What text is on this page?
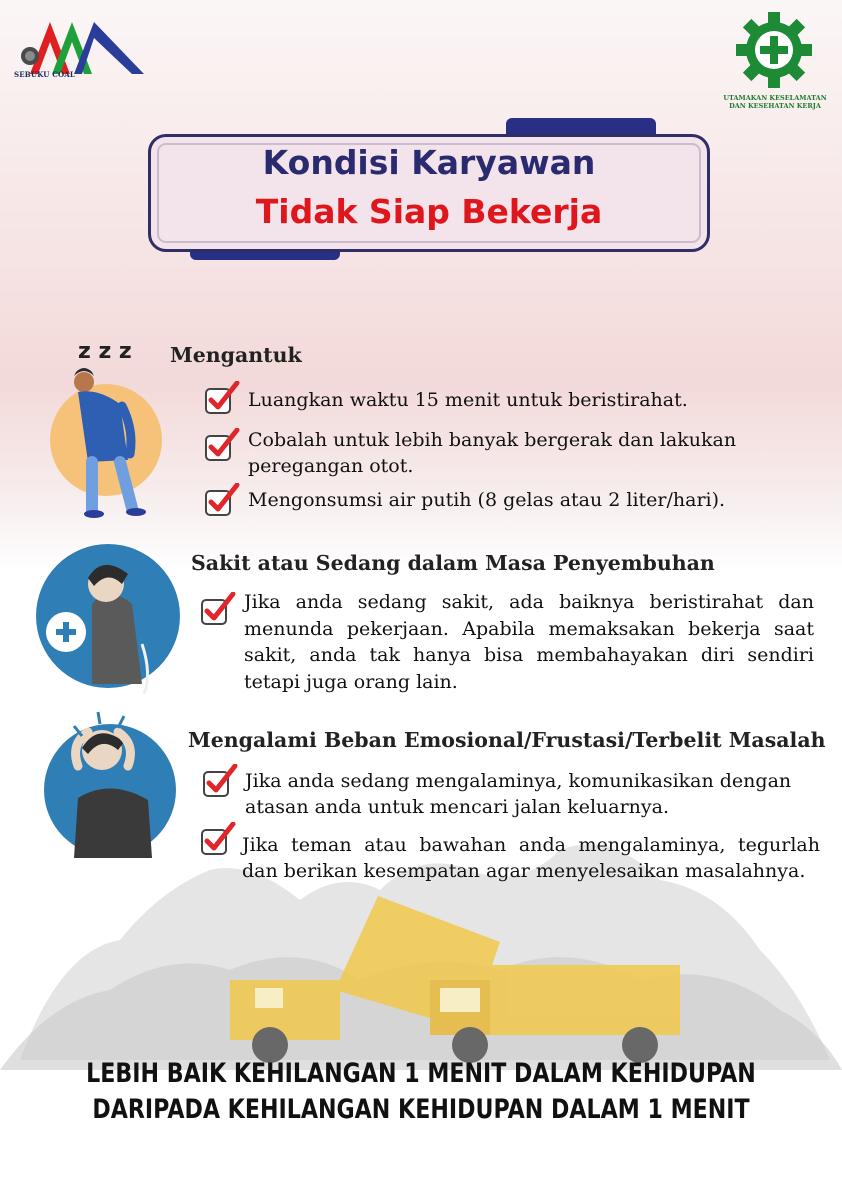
SEBUKU COAL
UTAMAKAN KESELAMATAN
DAN KESEHATAN KERJA
Kondisi Karyawan
Tidak Siap Bekerja
z z z Mengantuk
Luangkan waktu 15 menit untuk beristirahat.
Cobalah untuk lebih banyak bergerak dan lakukan peregangan otot.
Mengonsumsi air putih (8 gelas atau 2 liter/hari).
Sakit atau Sedang dalam Masa Penyembuhan
Jika anda sedang sakit, ada baiknya beristirahat dan menunda pekerjaan. Apabila memaksakan bekerja saat sakit, anda tak hanya bisa membahayakan diri sendiri tetapi juga orang lain.
Mengalami Beban Emosional/Frustasi/Terbelit Masalah
Jika anda sedang mengalaminya, komunikasikan dengan atasan anda untuk mencari jalan keluarnya.
Jika teman atau bawahan anda mengalaminya, tegurlah dan berikan kesempatan agar menyelesaikan masalahnya.
LEBIH BAIK KEHILANGAN 1 MENIT DALAM KEHIDUPAN
DARIPADA KEHILANGAN KEHIDUPAN DALAM 1 MENIT
